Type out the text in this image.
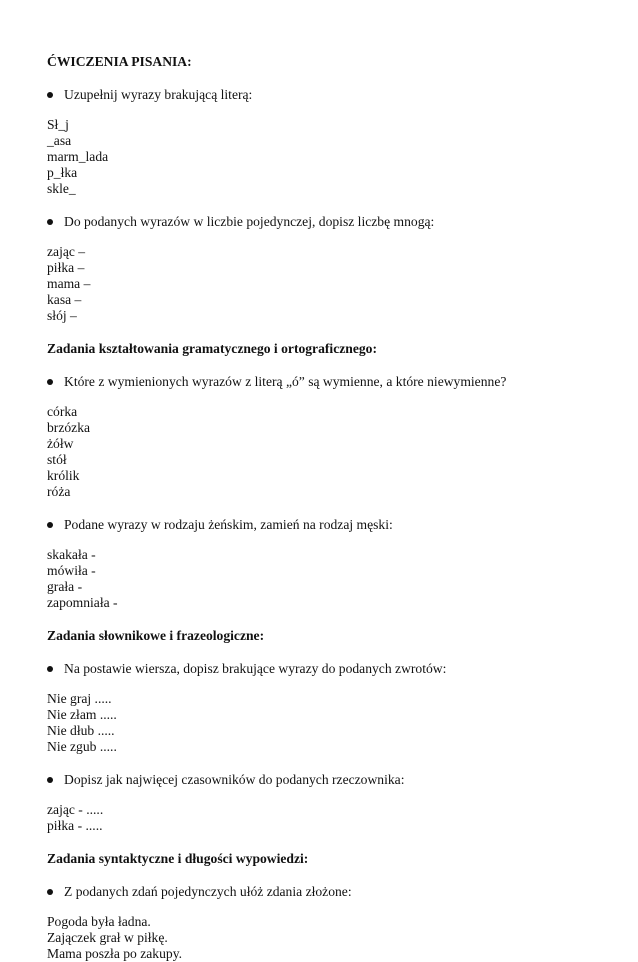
ĆWICZENIA PISANIA:
Uzupełnij wyrazy brakującą literą:
Sł_j
_asa
marm_lada
p_łka
skle_
Do podanych wyrazów w liczbie pojedynczej, dopisz liczbę mnogą:
zając –
piłka –
mama –
kasa –
słój –
Zadania kształtowania gramatycznego i ortograficznego:
Które z wymienionych wyrazów z literą „ó” są wymienne, a które niewymienne?
córka
brzózka
żółw
stół
królik
róża
Podane wyrazy w rodzaju żeńskim, zamień na rodzaj męski:
skakała -
mówiła -
grała -
zapomniała -
Zadania słownikowe i frazeologiczne:
Na postawie wiersza, dopisz brakujące wyrazy do podanych zwrotów:
Nie graj .....
Nie złam .....
Nie dłub .....
Nie zgub .....
Dopisz jak najwięcej czasowników do podanych rzeczownika:
zając - .....
piłka - .....
Zadania syntaktyczne i długości wypowiedzi:
Z podanych zdań pojedynczych ułóż zdania złożone:
Pogoda była ładna.
Zajączek grał w piłkę.
Mama poszła po zakupy.
